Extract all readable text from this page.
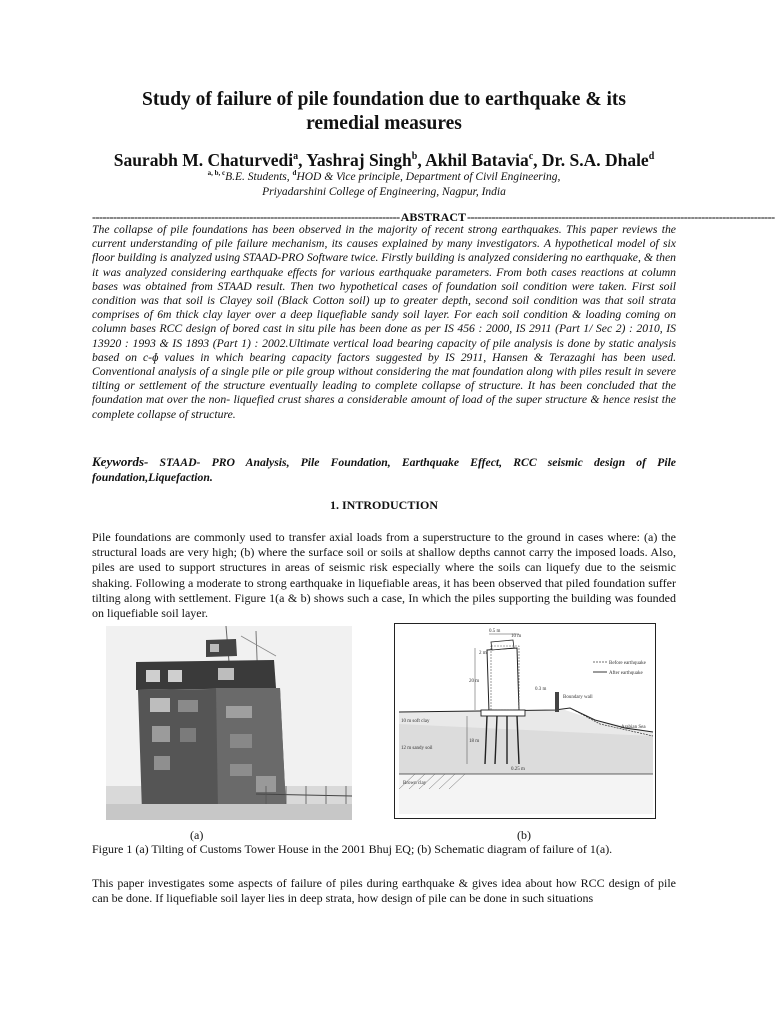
Study of failure of pile foundation due to earthquake & its
remedial measures
Saurabh M. Chaturvedi$^a$, Yashraj Singh$^b$, Akhil Batavia$^c$, Dr. S.A. Dhale$^d$
$^{a, b, c}$B.E. Students, $^d$HOD & Vice principle, Department of Civil Engineering,
Priyadarshini College of Engineering, Nagpur, India
---------------------------------------------------------------------------------------- ABSTRACT ----------------------------------------------------------------------------------------
The collapse of pile foundations has been observed in the majority of recent strong earthquakes. This paper reviews the current understanding of pile failure mechanism, its causes explained by many investigators. A hypothetical model of six floor building is analyzed using STAAD-PRO Software twice. Firstly building is analyzed considering no earthquake, & then it was analyzed considering earthquake effects for various earthquake parameters. From both cases reactions at column bases was obtained from STAAD result. Then two hypothetical cases of foundation soil condition were taken. First soil condition was that soil is Clayey soil (Black Cotton soil) up to greater depth, second soil condition was that soil strata comprises of 6m thick clay layer over a deep liquefiable sandy soil layer. For each soil condition & loading coming on column bases RCC design of bored cast in situ pile has been done as per IS 456 : 2000, IS 2911 (Part 1/ Sec 2) : 2010, IS 13920 : 1993 & IS 1893 (Part 1) : 2002.Ultimate vertical load bearing capacity of pile analysis is done by static analysis based on c-ɸ values in which bearing capacity factors suggested by IS 2911, Hansen & Terazaghi has been used. Conventional analysis of a single pile or pile group without considering the mat foundation along with piles result in severe tilting or settlement of the structure eventually leading to complete collapse of structure. It has been concluded that the foundation mat over the non- liquefied crust shares a considerable amount of load of the super structure & hence resist the complete collapse of structure.
Keywords- STAAD- PRO Analysis, Pile Foundation, Earthquake Effect, RCC seismic design of Pile foundation,Liquefaction.
1. INTRODUCTION
Pile foundations are commonly used to transfer axial loads from a superstructure to the ground in cases where: (a) the structural loads are very high; (b) where the surface soil or soils at shallow depths cannot carry the imposed loads. Also, piles are used to support structures in areas of seismic risk especially where the soils can liquefy due to the seismic shaking. Following a moderate to strong earthquake in liquefiable areas, it has been observed that piled foundation suffer tilting along with settlement. Figure 1(a & b) shows such a case, In which the piles supporting the building was founded on liquefiable soil layer.
0.5 m
10 m
2 m
20 m
0.3 m
Before earthquake
After earthquake
Boundary wall
10 m soft clay
12 m sandy soil
18 m
0.25 m
Brown clay
Arabian Sea
(a)	(b)
Figure 1 (a) Tilting of Customs Tower House in the 2001 Bhuj EQ; (b) Schematic diagram of failure of 1(a).
This paper investigates some aspects of failure of piles during earthquake & gives idea about how RCC design of pile can be done. If liquefiable soil layer lies in deep strata, how design of pile can be done in such situations
